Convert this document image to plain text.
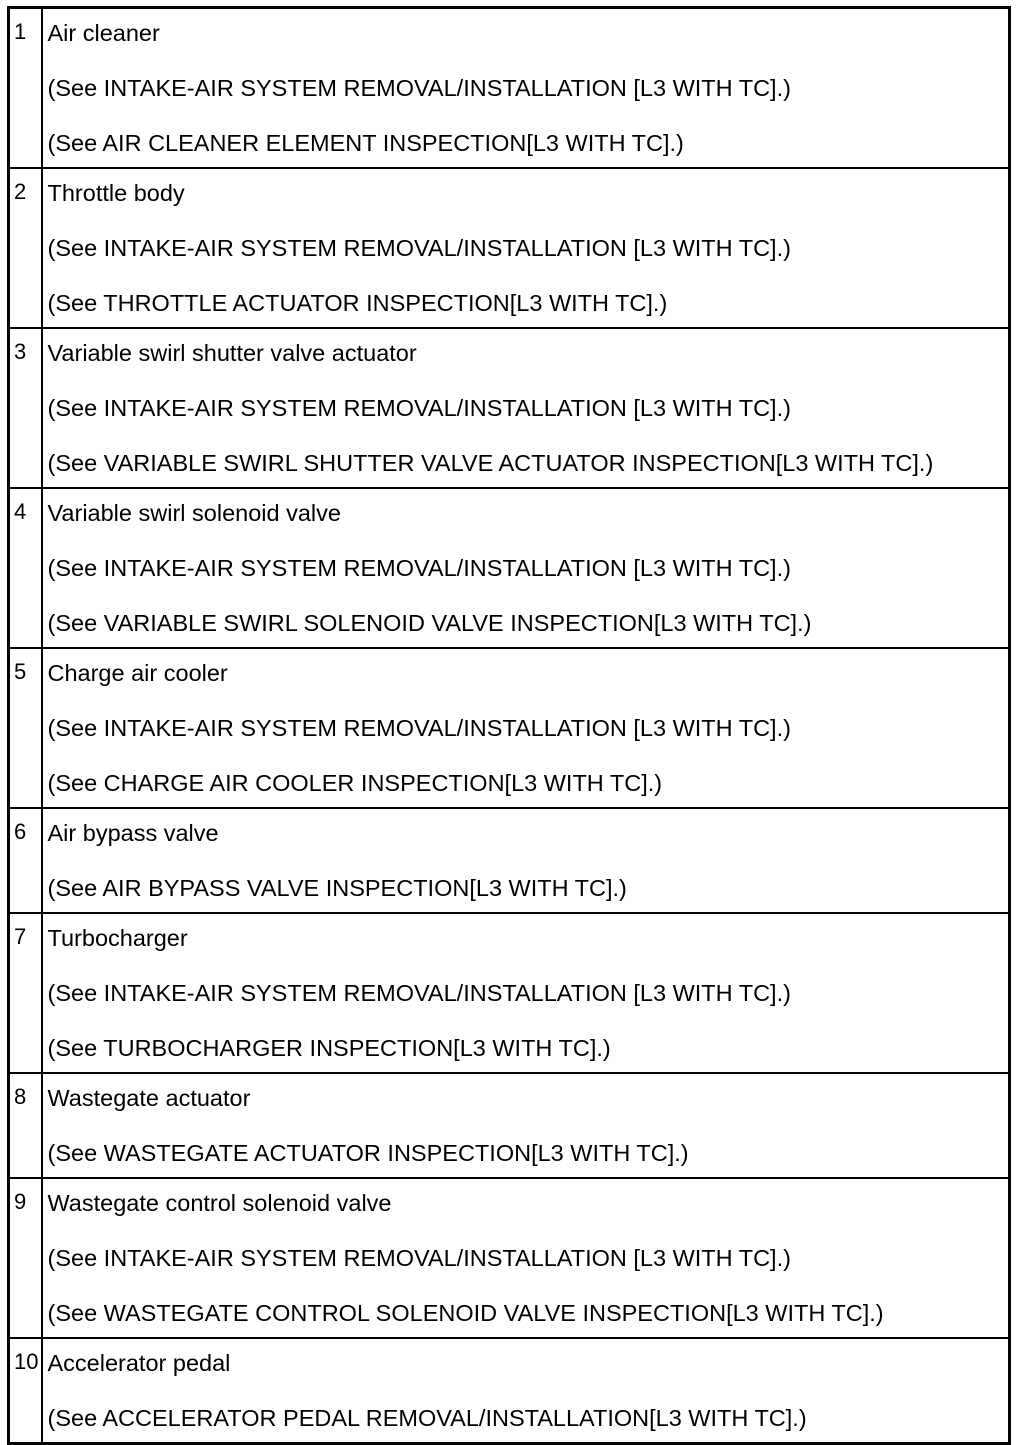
1	Air cleaner
(See INTAKE-AIR SYSTEM REMOVAL/INSTALLATION [L3 WITH TC].)
(See AIR CLEANER ELEMENT INSPECTION[L3 WITH TC].)

2	Throttle body
(See INTAKE-AIR SYSTEM REMOVAL/INSTALLATION [L3 WITH TC].)
(See THROTTLE ACTUATOR INSPECTION[L3 WITH TC].)

3	Variable swirl shutter valve actuator
(See INTAKE-AIR SYSTEM REMOVAL/INSTALLATION [L3 WITH TC].)
(See VARIABLE SWIRL SHUTTER VALVE ACTUATOR INSPECTION[L3 WITH TC].)

4	Variable swirl solenoid valve
(See INTAKE-AIR SYSTEM REMOVAL/INSTALLATION [L3 WITH TC].)
(See VARIABLE SWIRL SOLENOID VALVE INSPECTION[L3 WITH TC].)

5	Charge air cooler
(See INTAKE-AIR SYSTEM REMOVAL/INSTALLATION [L3 WITH TC].)
(See CHARGE AIR COOLER INSPECTION[L3 WITH TC].)

6	Air bypass valve
(See AIR BYPASS VALVE INSPECTION[L3 WITH TC].)

7	Turbocharger
(See INTAKE-AIR SYSTEM REMOVAL/INSTALLATION [L3 WITH TC].)
(See TURBOCHARGER INSPECTION[L3 WITH TC].)

8	Wastegate actuator
(See WASTEGATE ACTUATOR INSPECTION[L3 WITH TC].)

9	Wastegate control solenoid valve
(See INTAKE-AIR SYSTEM REMOVAL/INSTALLATION [L3 WITH TC].)
(See WASTEGATE CONTROL SOLENOID VALVE INSPECTION[L3 WITH TC].)

10	Accelerator pedal
(See ACCELERATOR PEDAL REMOVAL/INSTALLATION[L3 WITH TC].)
